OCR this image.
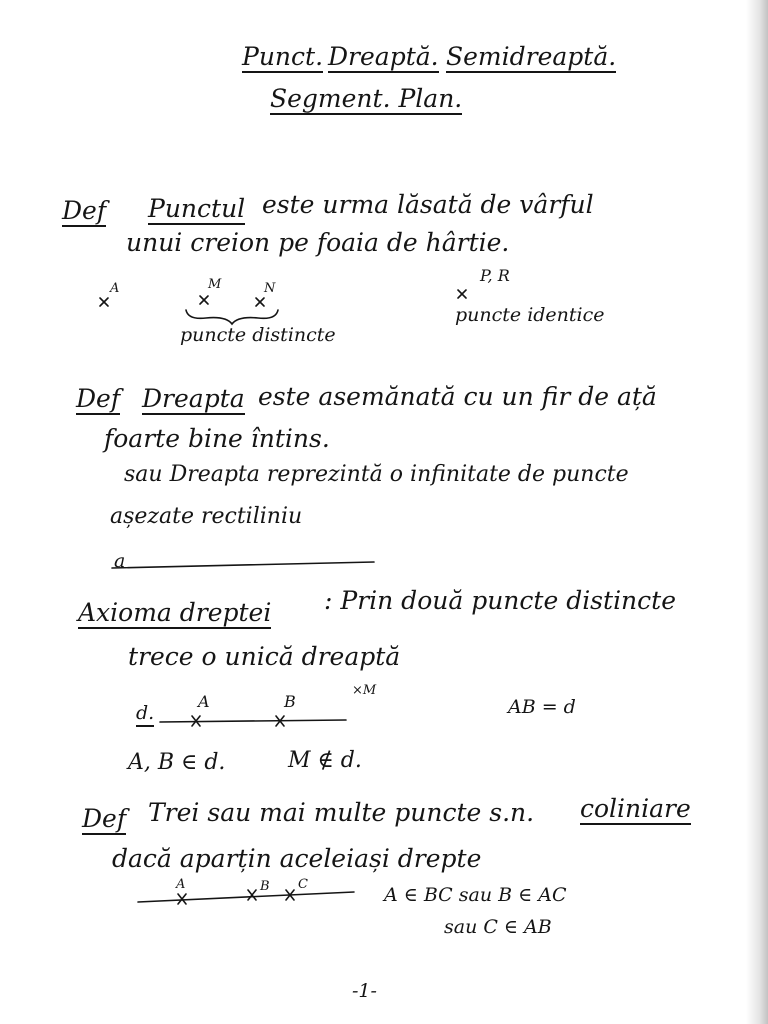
Punct. Dreaptă. Semidreaptă.
Segment. Plan.
Def Punctul este urma lăsată de vârful
unui creion pe foaia de hârtie.
A	M	N
puncte distincte
P, R
puncte identice
Def Dreapta este asemănată cu un fir de ață
foarte bine întins.
sau Dreapta reprezintă o infinitate de puncte
așezate rectiliniu
a
Axioma dreptei : Prin două puncte distincte
trece o unică dreaptă
d.
A	B
×M
AB = d
A, B ∈ d.	M ∉ d.
Def Trei sau mai multe puncte s.n. coliniare
dacă aparțin aceleiași drepte
A	B C	A ∈ BC sau B ∈ AC
sau C ∈ AB
-1-
